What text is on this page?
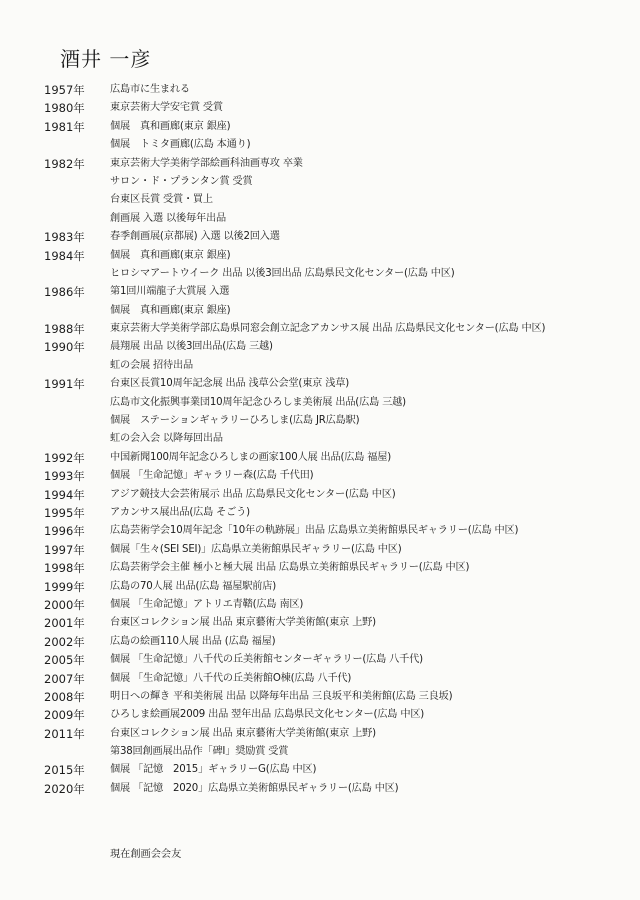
酒井 一彦
1957年	広島市に生まれる
1980年	東京芸術大学安宅賞 受賞
1981年	個展　真和画廊(東京 銀座)
個展　トミタ画廊(広島 本通り)
1982年	東京芸術大学美術学部絵画科油画専攻 卒業
サロン・ド・プランタン賞 受賞
台東区長賞 受賞・買上
創画展 入選 以後毎年出品
1983年	春季創画展(京都展) 入選 以後2回入選
1984年	個展　真和画廊(東京 銀座)
ヒロシマアートウイーク 出品 以後3回出品 広島県民文化センター(広島 中区)
1986年	第1回川端龍子大賞展 入選
個展　真和画廊(東京 銀座)
1988年	東京芸術大学美術学部広島県同窓会創立記念アカンサス展 出品 広島県民文化センター(広島 中区)
1990年	晨翔展 出品 以後3回出品(広島 三越)
虹の会展 招待出品
1991年	台東区長賞10周年記念展 出品 浅草公会堂(東京 浅草)
広島市文化振興事業団10周年記念ひろしま美術展 出品(広島 三越)
個展　ステーションギャラリーひろしま(広島 JR広島駅)
虹の会入会 以降毎回出品
1992年	中国新聞100周年記念ひろしまの画家100人展 出品(広島 福屋)
1993年	個展 「生命記憶」ギャラリー森(広島 千代田)
1994年	アジア競技大会芸術展示 出品 広島県民文化センター(広島 中区)
1995年	アカンサス展出品(広島 そごう)
1996年	広島芸術学会10周年記念「10年の軌跡展」出品 広島県立美術館県民ギャラリー(広島 中区)
1997年	個展「生々(SEI SEI)」広島県立美術館県民ギャラリー(広島 中区)
1998年	広島芸術学会主催 極小と極大展 出品 広島県立美術館県民ギャラリー(広島 中区)
1999年	広島の70人展 出品(広島 福屋駅前店)
2000年	個展 「生命記憶」アトリエ青鞜(広島 南区)
2001年	台東区コレクション展 出品 東京藝術大学美術館(東京 上野)
2002年	広島の絵画110人展 出品 (広島 福屋)
2005年	個展 「生命記憶」八千代の丘美術館センターギャラリー(広島 八千代)
2007年	個展 「生命記憶」八千代の丘美術館O棟(広島 八千代)
2008年	明日への輝き 平和美術展 出品 以降毎年出品 三良坂平和美術館(広島 三良坂)
2009年	ひろしま絵画展2009 出品 翌年出品 広島県民文化センター(広島 中区)
2011年	台東区コレクション展 出品 東京藝術大学美術館(東京 上野)
第38回創画展出品作「碑Ⅰ」奨励賞 受賞
2015年	個展 「記憶　2015」ギャラリーG(広島 中区)
2020年	個展 「記憶　2020」広島県立美術館県民ギャラリー(広島 中区)
現在創画会会友
